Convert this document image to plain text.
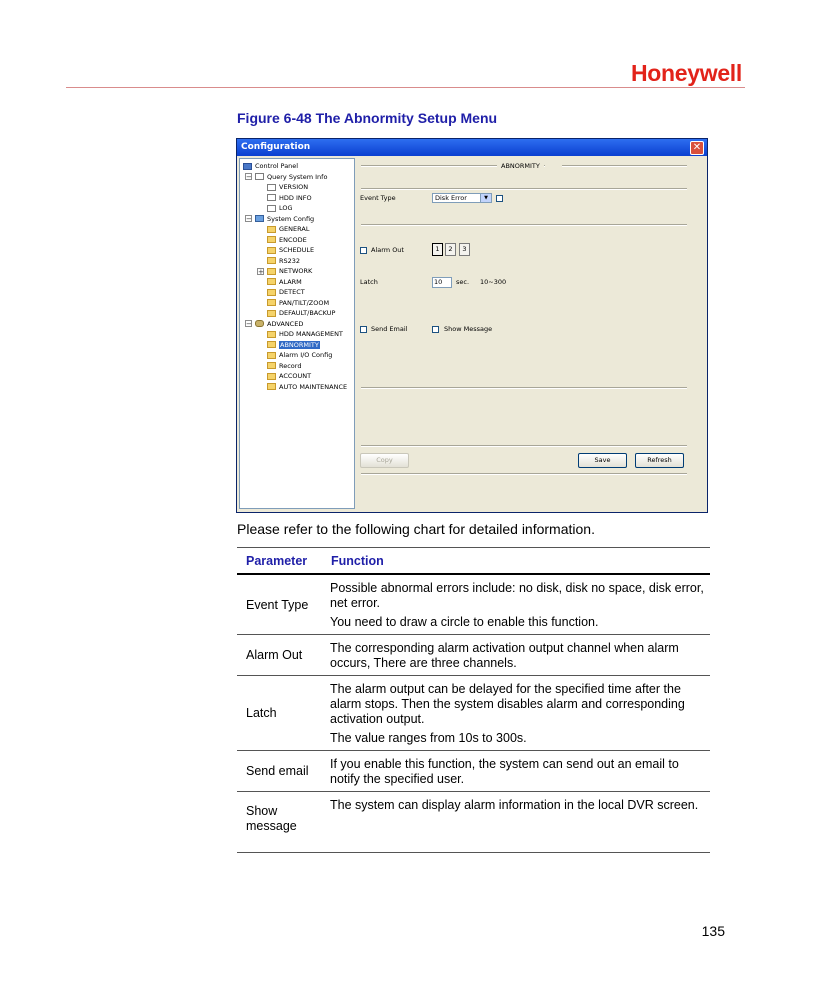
Honeywell
Figure 6-48 The Abnormity Setup Menu
Configuration	✕
Control Panel
−	Query System Info
VERSION
HDD INFO
LOG
−	System Config
GENERAL
ENCODE
SCHEDULE
RS232
+	NETWORK
ALARM
DETECT
PAN/TILT/ZOOM
DEFAULT/BACKUP
−	ADVANCED
HDD MANAGEMENT
ABNORMITY
Alarm I/O Config
Record
ACCOUNT
AUTO MAINTENANCE
ABNORMITY
Event Type	Disk Error	▼
Alarm Out	1	2	3
Latch	10	sec. 10~300
Send Email	Show Message
Copy	Save	Refresh
Please refer to the following chart for detailed information.
Parameter	Function
Event Type	Possible abnormal errors include: no disk, disk no space, disk error, net error.

You need to draw a circle to enable this function.

Alarm Out	The corresponding alarm activation output channel when alarm occurs, There are three channels.

Latch	The alarm output can be delayed for the specified time after the alarm stops. Then the system disables alarm and corresponding activation output.

The value ranges from 10s to 300s.

Send email	If you enable this function, the system can send out an email to notify the specified user.

Show message	The system can display alarm information in the local DVR screen.

135
